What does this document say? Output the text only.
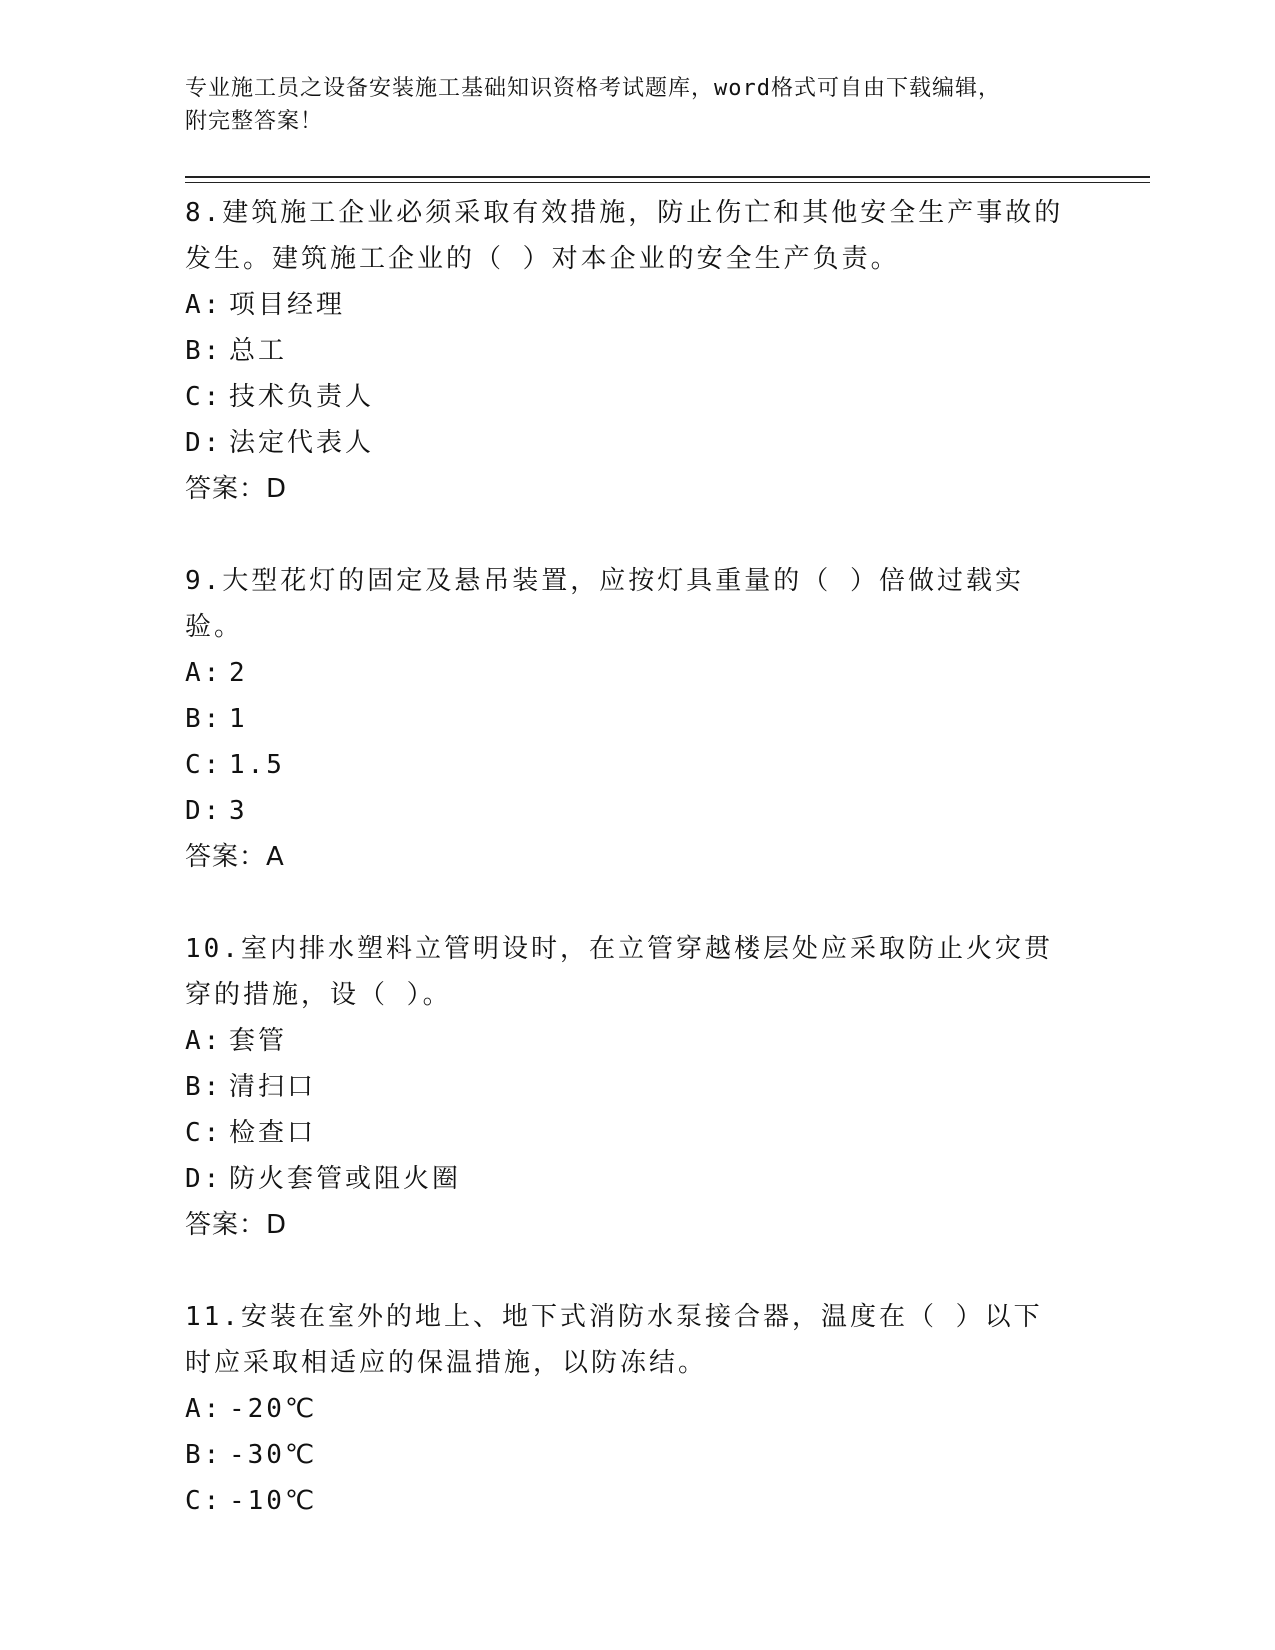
专业施工员之设备安装施工基础知识资格考试题库，word格式可自由下载编辑，
附完整答案！

8.建筑施工企业必须采取有效措施，防止伤亡和其他安全生产事故的发生。建筑施工企业的（ ）对本企业的安全生产负责。

A: 项目经理

B: 总工

C: 技术负责人

D: 法定代表人

答案：D

9.大型花灯的固定及悬吊装置，应按灯具重量的（ ）倍做过载实验。

A: 2

B: 1

C: 1.5

D: 3

答案：A

10.室内排水塑料立管明设时，在立管穿越楼层处应采取防止火灾贯穿的措施，设（ ）。

A: 套管

B: 清扫口

C: 检查口

D: 防火套管或阻火圈

答案：D

11.安装在室外的地上、地下式消防水泵接合器，温度在（ ）以下时应采取相适应的保温措施，以防冻结。

A: -20℃

B: -30℃

C: -10℃
